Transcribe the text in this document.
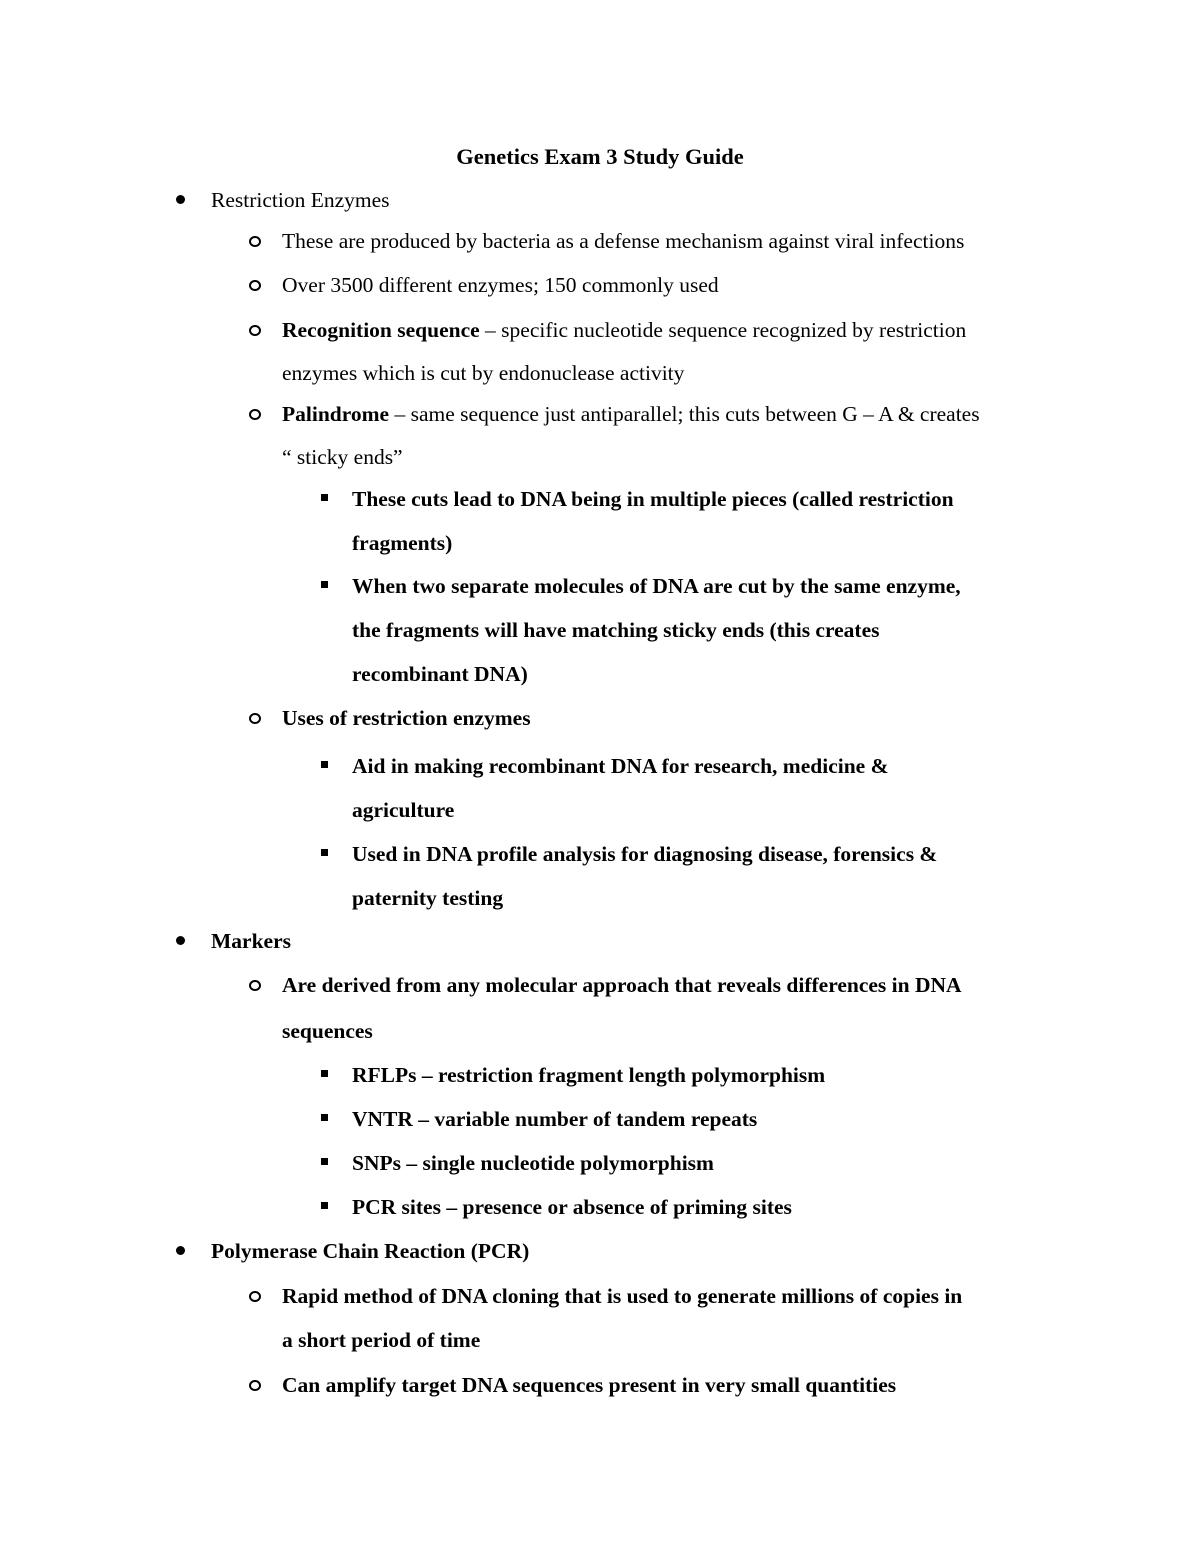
Genetics Exam 3 Study Guide
Restriction Enzymes
These are produced by bacteria as a defense mechanism against viral infections
Over 3500 different enzymes; 150 commonly used
Recognition sequence – specific nucleotide sequence recognized by restriction
enzymes which is cut by endonuclease activity
Palindrome – same sequence just antiparallel; this cuts between G – A & creates
“ sticky ends”
These cuts lead to DNA being in multiple pieces (called restriction
fragments)
When two separate molecules of DNA are cut by the same enzyme,
the fragments will have matching sticky ends (this creates
recombinant DNA)
Uses of restriction enzymes
Aid in making recombinant DNA for research, medicine &
agriculture
Used in DNA profile analysis for diagnosing disease, forensics &
paternity testing
Markers
Are derived from any molecular approach that reveals differences in DNA
sequences
RFLPs – restriction fragment length polymorphism
VNTR – variable number of tandem repeats
SNPs – single nucleotide polymorphism
PCR sites – presence or absence of priming sites
Polymerase Chain Reaction (PCR)
Rapid method of DNA cloning that is used to generate millions of copies in
a short period of time
Can amplify target DNA sequences present in very small quantities
